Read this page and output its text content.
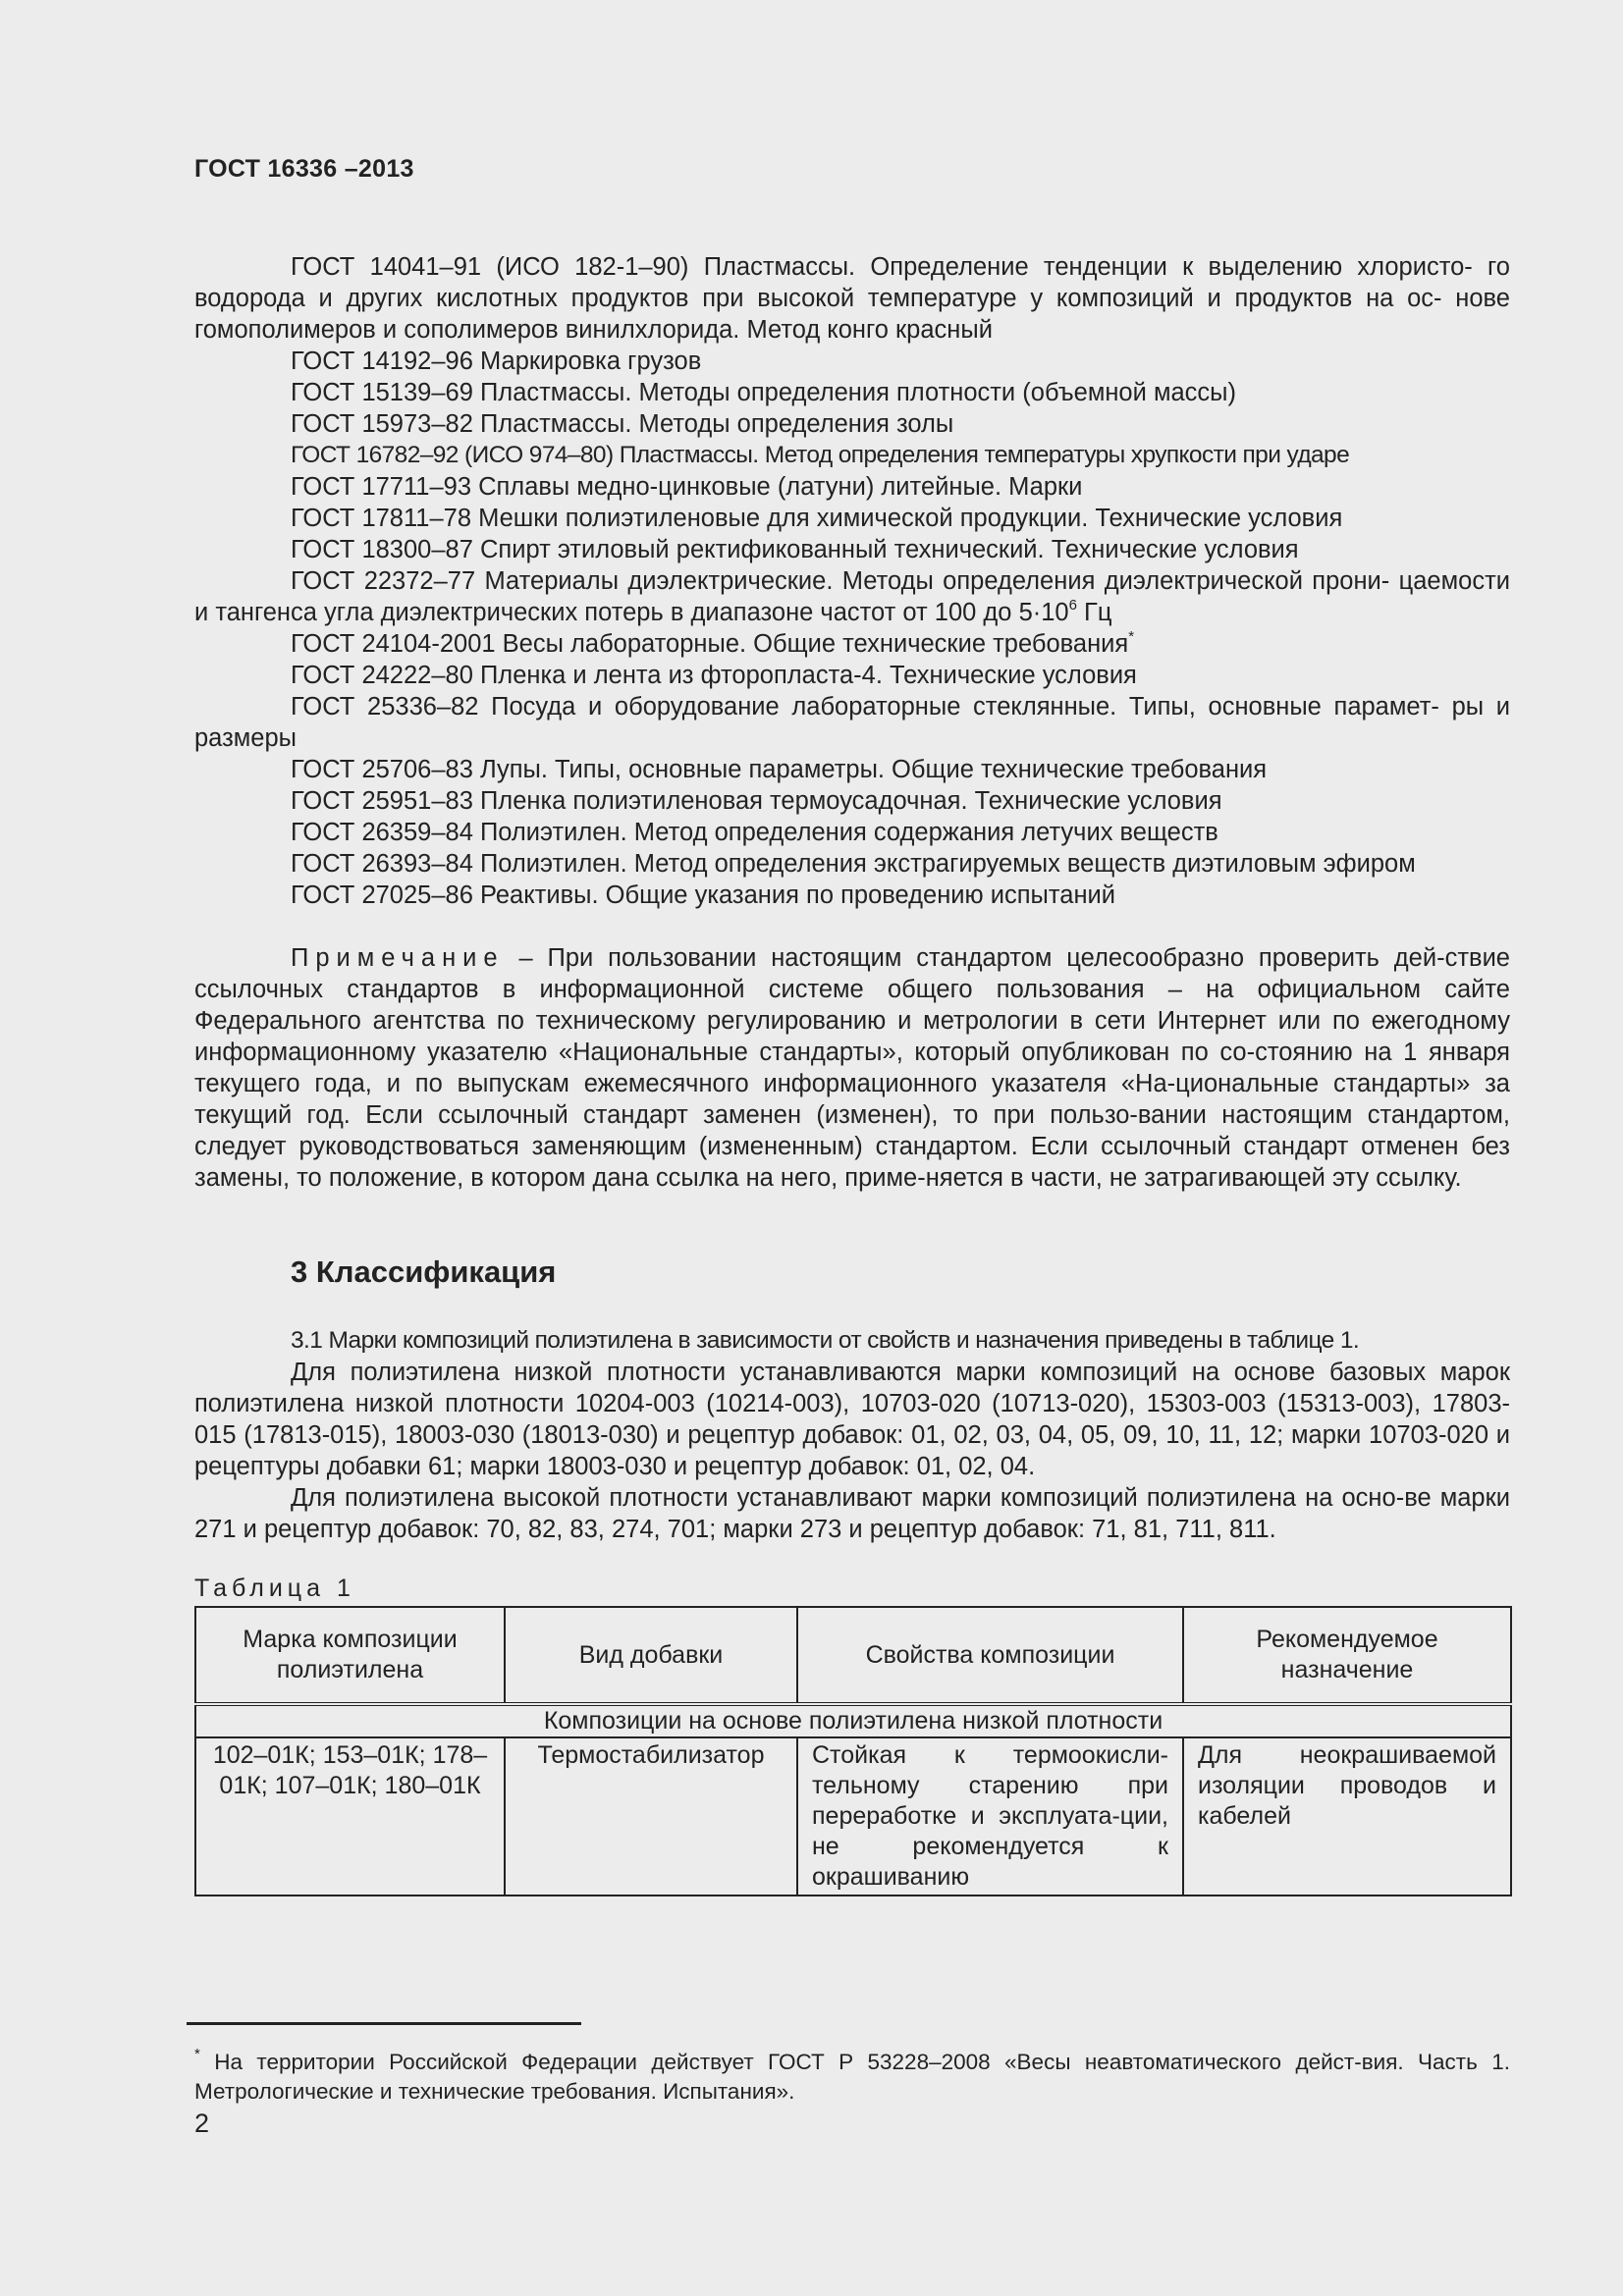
ГОСТ 16336 –2013

ГОСТ 14041–91 (ИСО 182-1–90) Пластмассы. Определение тенденции к выделению хлористо- го водорода и других кислотных продуктов при высокой температуре у композиций и продуктов на ос- нове гомополимеров и сополимеров винилхлорида. Метод конго красный

ГОСТ 14192–96 Маркировка грузов

ГОСТ 15139–69 Пластмассы. Методы определения плотности (объемной массы)

ГОСТ 15973–82 Пластмассы. Методы определения золы

ГОСТ 16782–92 (ИСО 974–80) Пластмассы. Метод определения температуры хрупкости при ударе

ГОСТ 17711–93 Сплавы медно-цинковые (латуни) литейные. Марки

ГОСТ 17811–78 Мешки полиэтиленовые для химической продукции. Технические условия

ГОСТ 18300–87 Спирт этиловый ректификованный технический. Технические условия

ГОСТ 22372–77 Материалы диэлектрические. Методы определения диэлектрической прони- цаемости и тангенса угла диэлектрических потерь в диапазоне частот от 100 до $5\cdot 10^6$ Гц

ГОСТ 24104-2001 Весы лабораторные. Общие технические требования*

ГОСТ 24222–80 Пленка и лента из фторопласта-4. Технические условия

ГОСТ 25336–82 Посуда и оборудование лабораторные стеклянные. Типы, основные парамет- ры и размеры

ГОСТ 25706–83 Лупы. Типы, основные параметры. Общие технические требования

ГОСТ 25951–83 Пленка полиэтиленовая термоусадочная. Технические условия

ГОСТ 26359–84 Полиэтилен. Метод определения содержания летучих веществ

ГОСТ 26393–84 Полиэтилен. Метод определения экстрагируемых веществ диэтиловым эфиром

ГОСТ 27025–86 Реактивы. Общие указания по проведению испытаний

Примечание – При пользовании настоящим стандартом целесообразно проверить дей-ствие ссылочных стандартов в информационной системе общего пользования – на официальном сайте Федерального агентства по техническому регулированию и метрологии в сети Интернет или по ежегодному информационному указателю «Национальные стандарты», который опубликован по со-стоянию на 1 января текущего года, и по выпускам ежемесячного информационного указателя «На-циональные стандарты» за текущий год. Если ссылочный стандарт заменен (изменен), то при пользо-вании настоящим стандартом, следует руководствоваться заменяющим (измененным) стандартом. Если ссылочный стандарт отменен без замены, то положение, в котором дана ссылка на него, приме-няется в части, не затрагивающей эту ссылку.

3 Классификация

3.1 Марки композиций полиэтилена в зависимости от свойств и назначения приведены в таблице 1.

Для полиэтилена низкой плотности устанавливаются марки композиций на основе базовых марок полиэтилена низкой плотности 10204-003 (10214-003), 10703-020 (10713-020), 15303-003 (15313-003), 17803-015 (17813-015), 18003-030 (18013-030) и рецептур добавок: 01, 02, 03, 04, 05, 09, 10, 11, 12; марки 10703-020 и рецептуры добавки 61; марки 18003-030 и рецептур добавок: 01, 02, 04.

Для полиэтилена высокой плотности устанавливают марки композиций полиэтилена на осно-ве марки 271 и рецептур добавок: 70, 82, 83, 274, 701; марки 273 и рецептур добавок: 71, 81, 711, 811.

Таблица 1
Марка композиции полиэтилена	Вид добавки	Свойства композиции	Рекомендуемое назначение
Композиции на основе полиэтилена низкой плотности			
102–01К; 153–01К; 178–01К; 107–01К; 180–01К	Термостабилизатор	Стойкая к термоокисли-тельному старению при переработке и эксплуата-ции, не рекомендуется к окрашиванию	Для неокрашиваемой изоляции проводов и кабелей
* На территории Российской Федерации действует ГОСТ Р 53228–2008 «Весы неавтоматического дейст-вия. Часть 1. Метрологические и технические требования. Испытания».
2
